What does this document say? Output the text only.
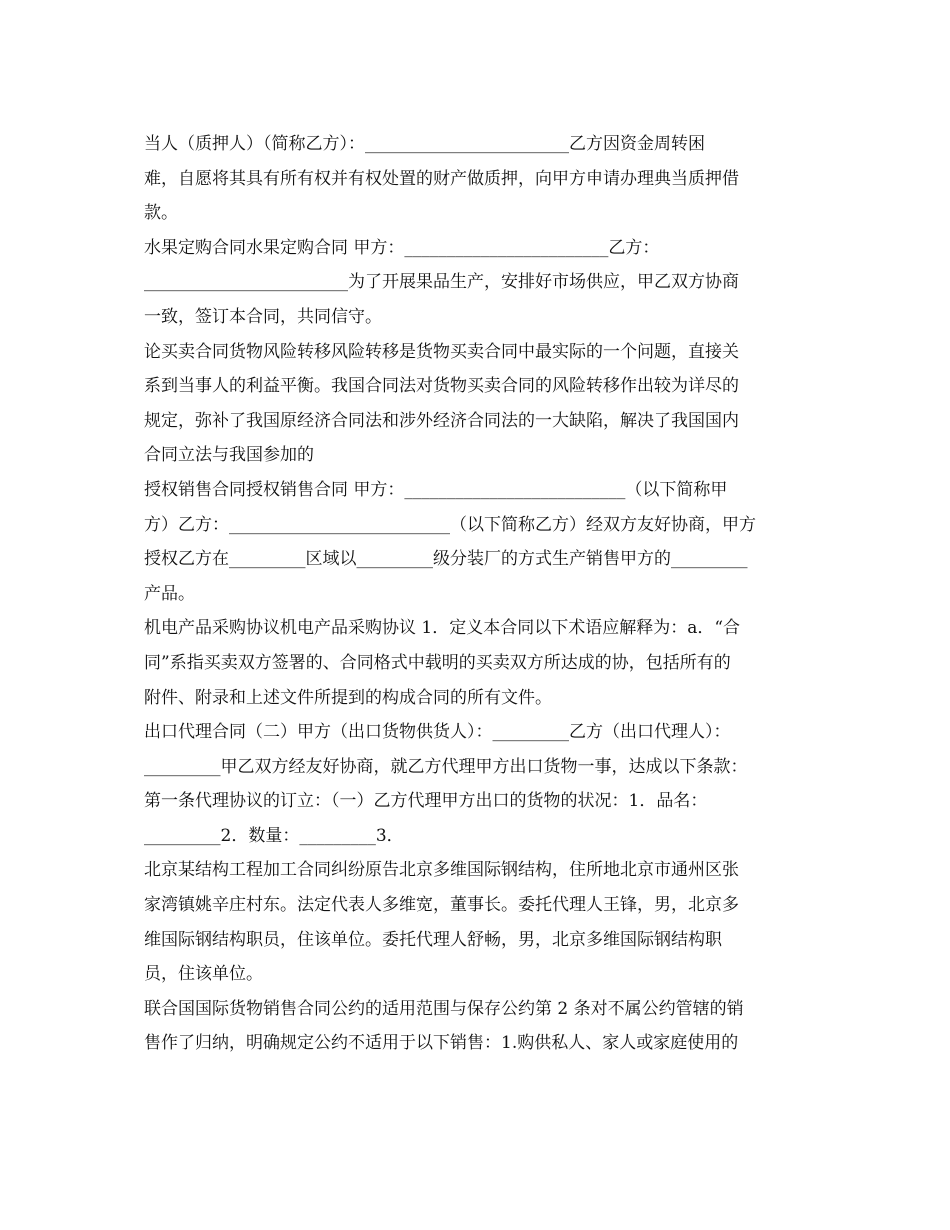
当人（质押人）（简称乙方）：________________________乙方因资金周转困
难，自愿将其具有所有权并有权处置的财产做质押，向甲方申请办理典当质押借
款。
水果定购合同水果定购合同 甲方：________________________乙方：
________________________为了开展果品生产，安排好市场供应，甲乙双方协商
一致，签订本合同，共同信守。
论买卖合同货物风险转移风险转移是货物买卖合同中最实际的一个问题，直接关
系到当事人的利益平衡。我国合同法对货物买卖合同的风险转移作出较为详尽的
规定，弥补了我国原经济合同法和涉外经济合同法的一大缺陷，解决了我国国内
合同立法与我国参加的
授权销售合同授权销售合同 甲方：__________________________（以下简称甲
方）乙方：__________________________（以下简称乙方）经双方友好协商，甲方
授权乙方在_________区域以_________级分装厂的方式生产销售甲方的_________
产品。
机电产品采购协议机电产品采购协议 1．定义本合同以下术语应解释为：a．“合
同”系指买卖双方签署的、合同格式中载明的买卖双方所达成的协，包括所有的
附件、附录和上述文件所提到的构成合同的所有文件。
出口代理合同（二）甲方（出口货物供货人）：_________乙方（出口代理人）：
_________甲乙双方经友好协商，就乙方代理甲方出口货物一事，达成以下条款：
第一条代理协议的订立：（一）乙方代理甲方出口的货物的状况：1．品名：
_________2．数量：_________3．
北京某结构工程加工合同纠纷原告北京多维国际钢结构，住所地北京市通州区张
家湾镇姚辛庄村东。法定代表人多维宽，董事长。委托代理人王锋，男，北京多
维国际钢结构职员，住该单位。委托代理人舒畅，男，北京多维国际钢结构职
员，住该单位。
联合国国际货物销售合同公约的适用范围与保存公约第 2 条对不属公约管辖的销
售作了归纳，明确规定公约不适用于以下销售：1.购供私人、家人或家庭使用的
